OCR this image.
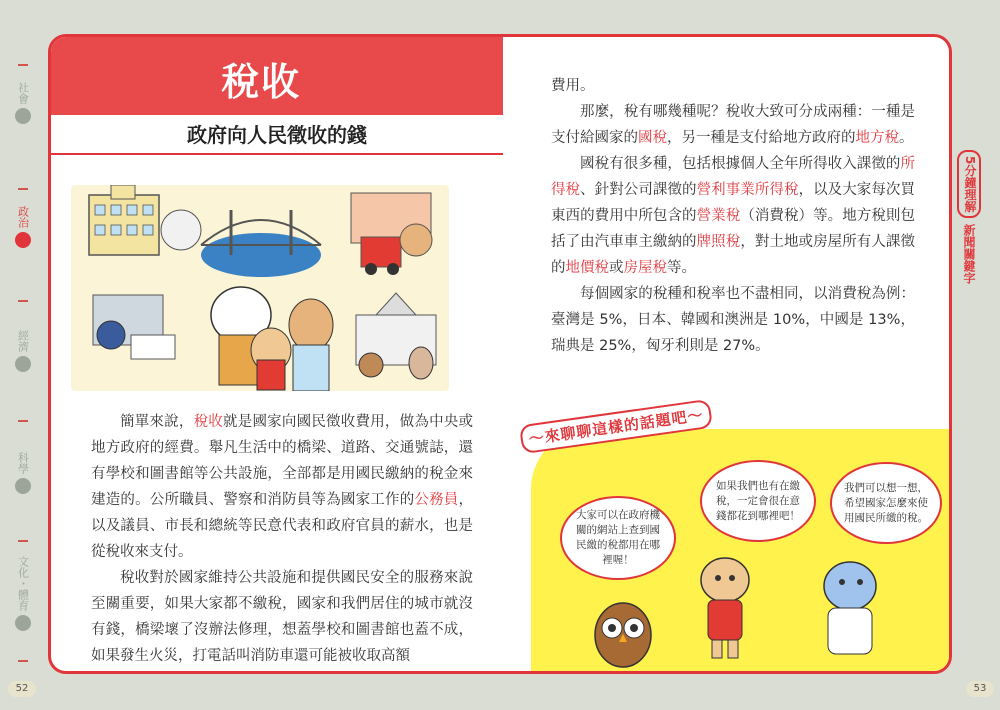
社會
政治
經濟
科學
文化・體育
52	53
5分鐘理解
新聞關鍵字
稅收
政府向人民徵收的錢

簡單來說，稅收就是國家向國民徵收費用，做為中央或地方政府的經費。舉凡生活中的橋梁、道路、交通號誌，還有學校和圖書館等公共設施，全部都是用國民繳納的稅金來建造的。公所職員、警察和消防員等為國家工作的公務員，以及議員、市長和總統等民意代表和政府官員的薪水，也是從稅收來支付。

稅收對於國家維持公共設施和提供國民安全的服務來說至關重要，如果大家都不繳稅，國家和我們居住的城市就沒有錢，橋梁壞了沒辦法修理，想蓋學校和圖書館也蓋不成，如果發生火災，打電話叫消防車還可能被收取高額

費用。

那麼，稅有哪幾種呢？稅收大致可分成兩種：一種是支付給國家的國稅，另一種是支付給地方政府的地方稅。

國稅有很多種，包括根據個人全年所得收入課徵的所得稅、針對公司課徵的營利事業所得稅，以及大家每次買東西的費用中所包含的營業稅（消費稅）等。地方稅則包括了由汽車車主繳納的牌照稅，對土地或房屋所有人課徵的地價稅或房屋稅等。

每個國家的稅種和稅率也不盡相同，以消費稅為例：臺灣是 5%，日本、韓國和澳洲是 10%，中國是 13%，瑞典是 25%，匈牙利則是 27%。

～來聊聊這樣的話題吧～
大家可以在政府機關的網站上查到國民繳的稅都用在哪裡喔！
如果我們也有在繳稅，一定會很在意錢都花到哪裡吧！
我們可以想一想，希望國家怎麼來使用國民所繳的稅。
